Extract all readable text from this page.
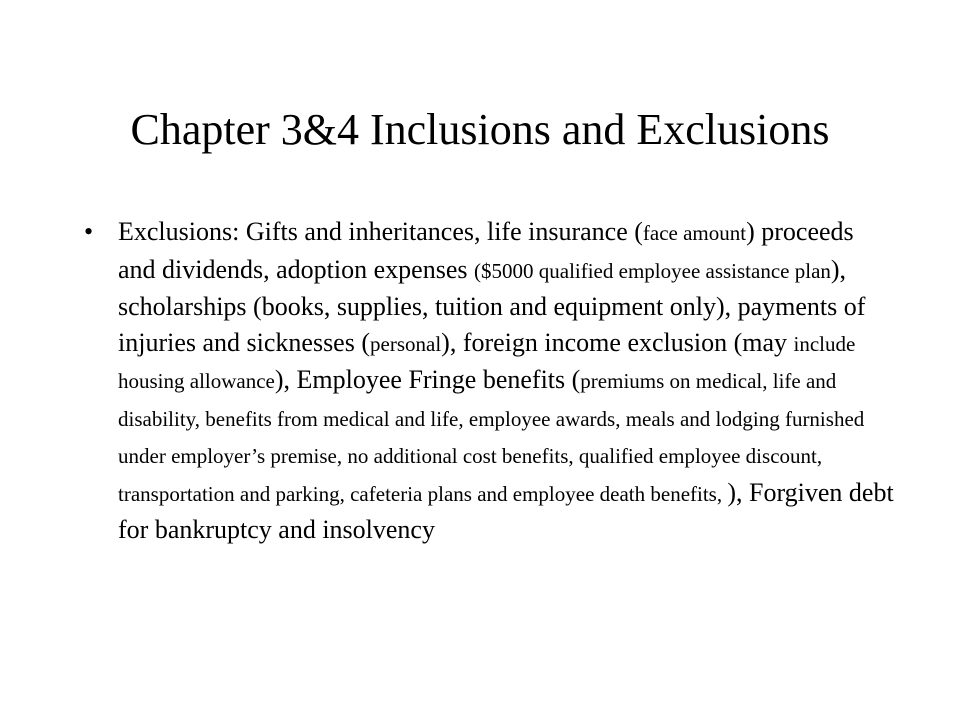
Chapter 3&4 Inclusions and Exclusions
• Exclusions: Gifts and inheritances, life insurance (face amount) proceeds and dividends, adoption expenses ($5000 qualified employee assistance plan), scholarships (books, supplies, tuition and equipment only), payments of injuries and sicknesses (personal), foreign income exclusion (may include housing allowance), Employee Fringe benefits (premiums on medical, life and disability, benefits from medical and life, employee awards, meals and lodging furnished under employer’s premise, no additional cost benefits, qualified employee discount, transportation and parking, cafeteria plans and employee death benefits, ), Forgiven debt for bankruptcy and insolvency
